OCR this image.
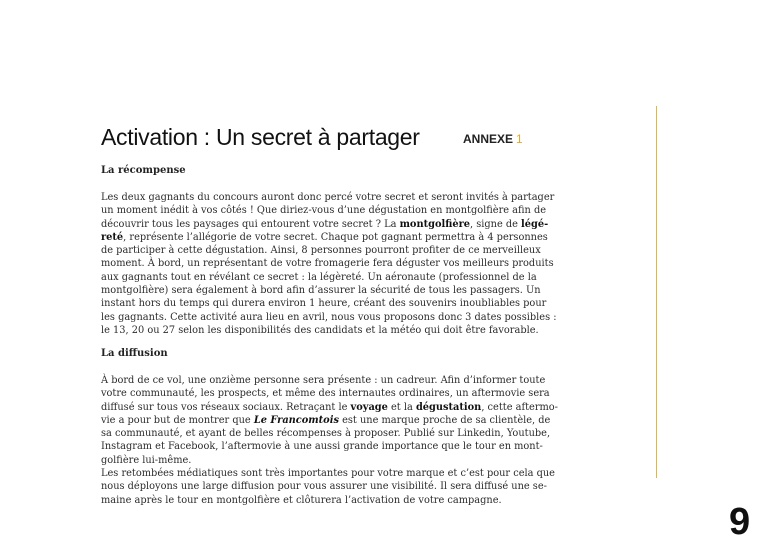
Activation : Un secret à partager	ANNEXE 1
La récompense
Les deux gagnants du concours auront donc percé votre secret et seront invités à partager
un moment inédit à vos côtés ! Que diriez-vous d’une dégustation en montgolfière afin de
découvrir tous les paysages qui entourent votre secret ? La montgolfière, signe de légé-
reté, représente l’allégorie de votre secret. Chaque pot gagnant permettra à 4 personnes
de participer à cette dégustation. Ainsi, 8 personnes pourront profiter de ce merveilleux
moment. À bord, un représentant de votre fromagerie fera déguster vos meilleurs produits
aux gagnants tout en révélant ce secret : la légèreté. Un aéronaute (professionnel de la
montgolfière) sera également à bord afin d’assurer la sécurité de tous les passagers. Un
instant hors du temps qui durera environ 1 heure, créant des souvenirs inoubliables pour
les gagnants. Cette activité aura lieu en avril, nous vous proposons donc 3 dates possibles :
le 13, 20 ou 27 selon les disponibilités des candidats et la météo qui doit être favorable.
La diffusion
À bord de ce vol, une onzième personne sera présente : un cadreur. Afin d’informer toute
votre communauté, les prospects, et même des internautes ordinaires, un aftermovie sera
diffusé sur tous vos réseaux sociaux. Retraçant le voyage et la dégustation, cette aftermo-
vie a pour but de montrer que Le Francomtois est une marque proche de sa clientèle, de
sa communauté, et ayant de belles récompenses à proposer. Publié sur Linkedin, Youtube,
Instagram et Facebook, l’aftermovie à une aussi grande importance que le tour en mont-
golfière lui-même.
Les retombées médiatiques sont très importantes pour votre marque et c’est pour cela que
nous déployons une large diffusion pour vous assurer une visibilité. Il sera diffusé une se-
maine après le tour en montgolfière et clôturera l’activation de votre campagne.
9
